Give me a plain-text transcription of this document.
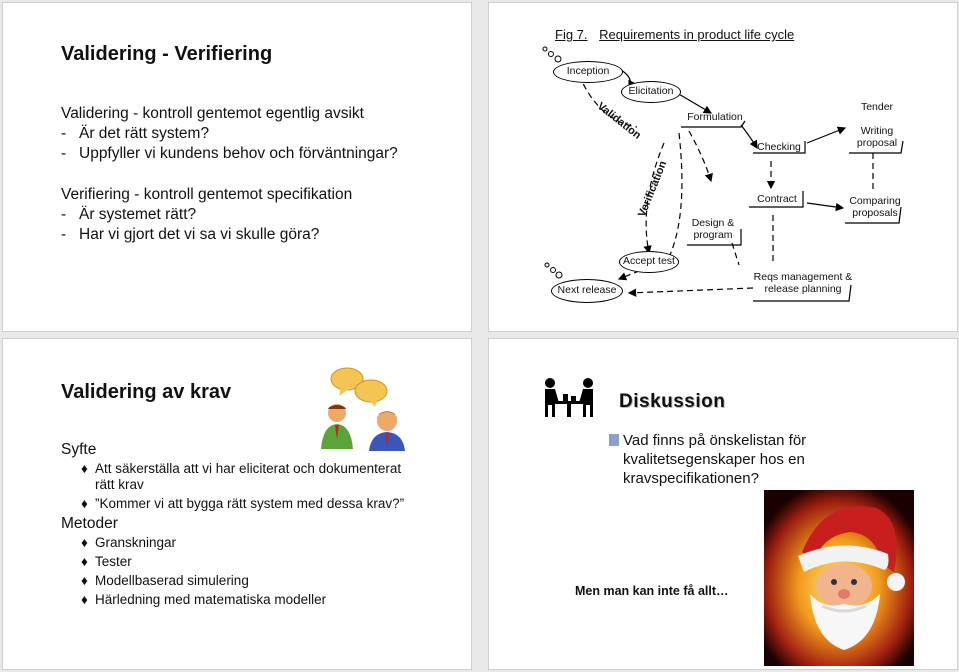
Validering - Verifiering
Validering - kontroll gentemot egentlig avsikt
- Är det rätt system?
- Uppfyller vi kundens behov och förväntningar?
Verifiering - kontroll gentemot specifikation
- Är systemet rätt?
- Har vi gjort det vi sa vi skulle göra?
Fig 7. Requirements in product life cycle
Inception
Elicitation
Formulation
Checking
Tender
Writing proposal
Validation
Verification	Contract	Comparing proposals
Design & program
Accept test
Next release
Reqs management & release planning
Validering av krav
Syfte
♦ Att säkerställa att vi har eliciterat och dokumenterat rätt krav
♦ ”Kommer vi att bygga rätt system med dessa krav?”
Metoder
♦ Granskningar
♦ Tester
♦ Modellbaserad simulering
♦ Härledning med matematiska modeller
Diskussion
Vad finns på önskelistan för kvalitetsegenskaper hos en kravspecifikationen?
Men man kan inte få allt…
